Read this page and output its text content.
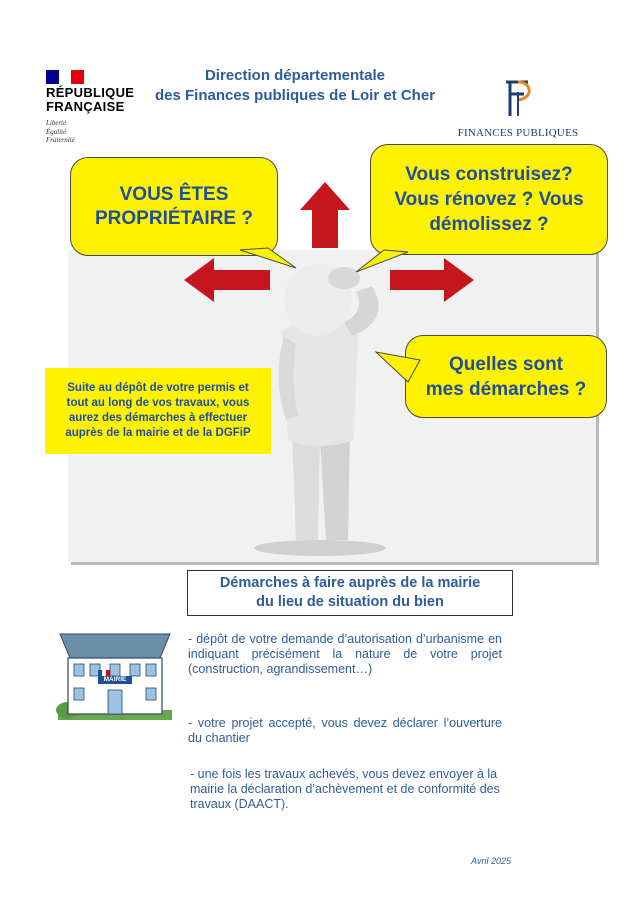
RÉPUBLIQUE
FRANÇAISE
Liberté
Égalité
Fraternité
Direction départementale
des Finances publiques de Loir et Cher
FINANCES PUBLIQUES
VOUS ÊTES
PROPRIÉTAIRE ?
Vous construisez?
Vous rénovez ? Vous
démolissez ?
Quelles sont
mes démarches ?
Suite au dépôt de votre permis et
tout au long de vos travaux, vous
aurez des démarches à effectuer
auprès de la mairie et de la DGFiP
Démarches à faire auprès de la mairie
du lieu de situation du bien
MAIRIE
- dépôt de votre demande d’autorisation d’urbanisme en indiquant précisément la nature de votre projet (construction, agrandissement…)
- votre projet accepté, vous devez déclarer l’ouverture du chantier
- une fois les travaux achevés, vous devez envoyer à la mairie la déclaration d’achèvement et de conformité des travaux (DAACT).
Avril 2025
